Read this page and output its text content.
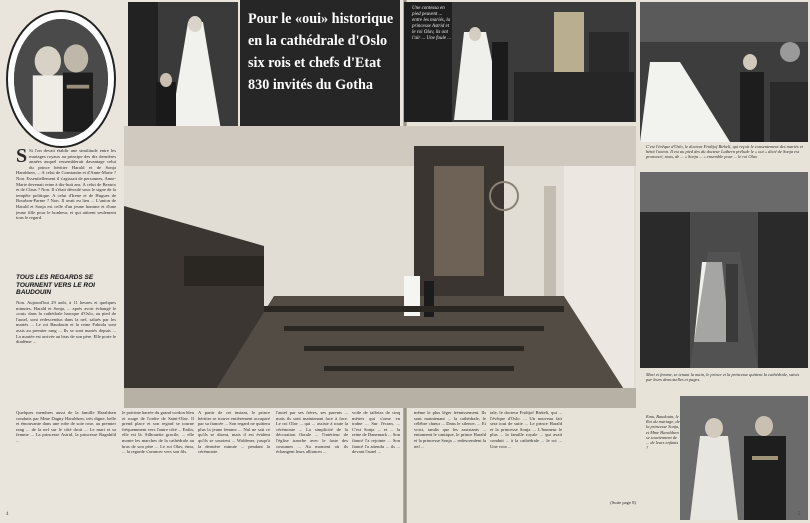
Pour le «oui» historique en la cathédrale d'Oslo six rois et chefs d'Etat 830 invités du Gotha
Une contessa en pied peuvent ... entre les mariés, la princesse Astrid et le roi Olav, ils ont l'air ... Une foule ...
C'est l'évêque d'Oslo, le docteur Fridtjof Birkeli, qui reçoit le consentement des mariés et bénit l'union. Il est au pied des du docteur Luthern prélude le « oui » dicté de Sonja est prononcé, nous, de ... « Sonja ... » ensemble pour ... le roi Olav.
Mari et femme, se tenant la main, le prince et la princesse quittent la cathédrale, suivis par leurs demoiselles et pages.
Emu, Baudouin, le Roi du mariage, de la princesse Sonja, et Mme Haraldsen se souviennent de ... de leurs enfants ?
S Si l'on devait établir une similitude entre les mariages royaux au principe des dix dernières années auquel ressemblerait davantage celui du prince héritier Harald et de Sonja Haraldsen, ... A celui de Constantin et d'Anne-Marie ? Non. Essentiellement il s'agissait de personnes, Anne-Marie devenait reine à dix-huit ans. A celui de Beatrix et de Claus ? Non. Il s'était déroulé sous le signe de la tempête politique. A celui d'Irene et de Hugues de Bourbon-Parme ? Non. Il avait eu lieu ... L'union de Harald et Sonja est celle d'un jeune homme et d'une jeune fille pour le bonheur, et qui attirent seulement tous le regard.
TOUS LES REGARDS SE TOURNENT VERS LE ROI BAUDOUIN
Non. Aujourd'hui 29 août, à 11 heures et quelques minutes, Harald et Sonja, ... après avoir échangé le «oui» dans la cathédrale baroque d'Oslo, au pied de l'autel, sont redescendus dans la nef, salués par les mariés ... Le roi Baudouin et la reine Fabiola sont assis au premier rang ... Ils se sont mariés depuis ... La mariée est arrivée au bras de son père. Elle porte le diadème ...
Quelques membres aussi de la famille Haraldsen conduits par Mme Dagny Haraldsen, très digne, belle et émouvante dans une robe de soie rose, au premier rang ... de la nef sur le côté droit ... Le mari et sa femme ... La princesse Astrid, la princesse Ragnhild ...
le poitrine barrée du grand cordon bleu et rouge de l'ordre de Saint-Olav. Il prend place et son regard se tourne fréquemment vers l'autre côté ... Enfin, elle est là. Silhouette gracile, ... elle monte les marches de la cathédrale au bras de son père ... Le roi Olav, ému, ... la regarde s'avancer vers son fils.
A partir de cet instant, le prince héritier se trouve entièrement accaparé par sa fiancée ... Son regard ne quittera plus la jeune femme ... Nul ne sait ce qu'ils se disent, mais il est évident qu'ils se sourient ... Waldener, jusqu'à la dernière minute ... pendant la cérémonie.
l'autel par ses frères, ses parents ... mais ils sont maintenant face à face. Le roi Olav ... qui ... assiste à toute la cérémonie ... La simplicité de la décoration florale ... l'intérieur de l'église tranche avec le faste des costumes ... Au moment où ils échangent leurs alliances ...
voile de taffetas de cinq mètres qui s'orne en traîne ... Sur l'écran, ... C'est Sonja ... et ... la reine de Danemark ... Son fiancé l'a rejointe ... Son fiancé l'a attendu ... ils ... devant l'autel ...
même le plus léger frémissement. Ils sont maintenant ... la cathédrale, le célèbre chœur ... Dans le silence, ... Et voici, tandis que les assistants ... entonnent le cantique, le prince Harald et la princesse Sonja ... redescendent la nef ...
tale, le docteur Fridtjof Birkeli, qui ... l'évêque d'Oslo. ... Un nouveau fait sera tout de suite ... Le prince Harald et la princesse Sonja ... L'honneur le plus ... la famille royale ... qui avait conduit ... à la cathédrale ... le roi ... Une voix ...
(Suite page 8)
4	5
